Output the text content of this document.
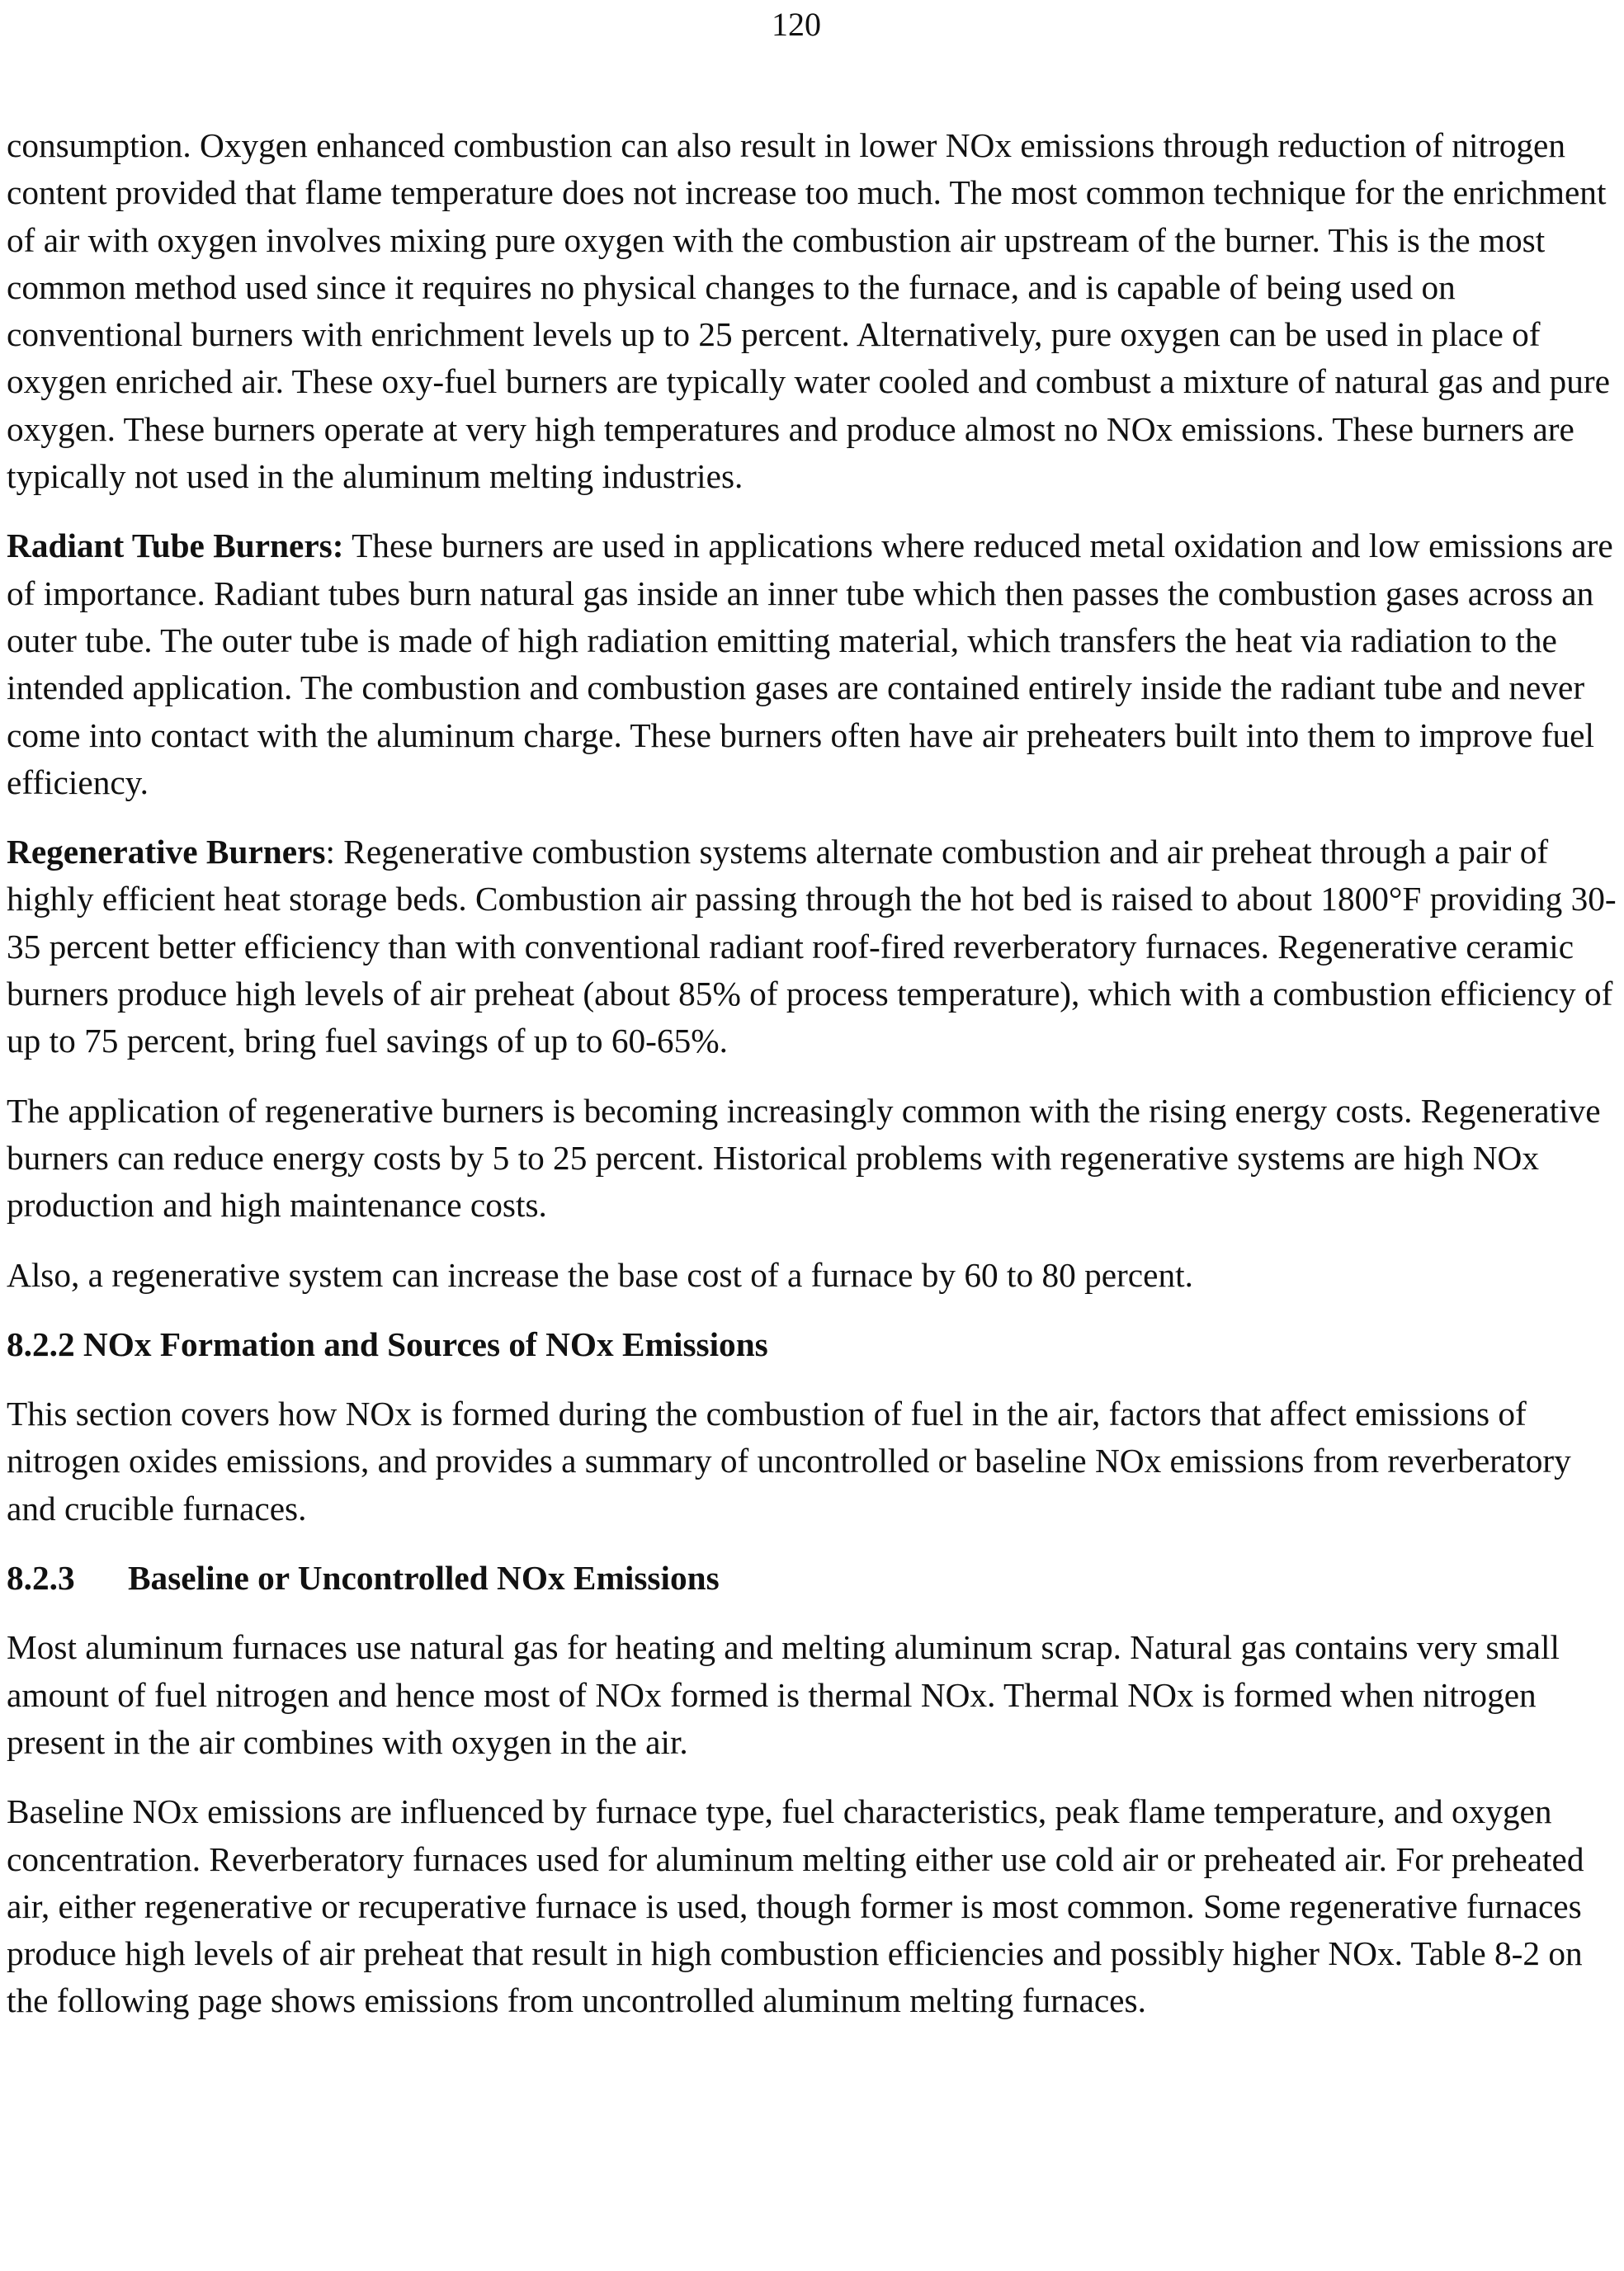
120

consumption. Oxygen enhanced combustion can also result in lower NOx emissions through reduction of nitrogen content provided that flame temperature does not increase too much. The most common technique for the enrichment of air with oxygen involves mixing pure oxygen with the combustion air upstream of the burner. This is the most common method used since it requires no physical changes to the furnace, and is capable of being used on conventional burners with enrichment levels up to 25 percent. Alternatively, pure oxygen can be used in place of oxygen enriched air. These oxy-fuel burners are typically water cooled and combust a mixture of natural gas and pure oxygen. These burners operate at very high temperatures and produce almost no NOx emissions. These burners are typically not used in the aluminum melting industries.

Radiant Tube Burners: These burners are used in applications where reduced metal oxidation and low emissions are of importance. Radiant tubes burn natural gas inside an inner tube which then passes the combustion gases across an outer tube. The outer tube is made of high radiation emitting material, which transfers the heat via radiation to the intended application. The combustion and combustion gases are contained entirely inside the radiant tube and never come into contact with the aluminum charge. These burners often have air preheaters built into them to improve fuel efficiency.

Regenerative Burners: Regenerative combustion systems alternate combustion and air preheat through a pair of highly efficient heat storage beds. Combustion air passing through the hot bed is raised to about 1800°F providing 30-35 percent better efficiency than with conventional radiant roof-fired reverberatory furnaces. Regenerative ceramic burners produce high levels of air preheat (about 85% of process temperature), which with a combustion efficiency of up to 75 percent, bring fuel savings of up to 60-65%.

The application of regenerative burners is becoming increasingly common with the rising energy costs. Regenerative burners can reduce energy costs by 5 to 25 percent. Historical problems with regenerative systems are high NOx production and high maintenance costs.

Also, a regenerative system can increase the base cost of a furnace by 60 to 80 percent.

8.2.2 NOx Formation and Sources of NOx Emissions

This section covers how NOx is formed during the combustion of fuel in the air, factors that affect emissions of nitrogen oxides emissions, and provides a summary of uncontrolled or baseline NOx emissions from reverberatory and crucible furnaces.

8.2.3 Baseline or Uncontrolled NOx Emissions

Most aluminum furnaces use natural gas for heating and melting aluminum scrap. Natural gas contains very small amount of fuel nitrogen and hence most of NOx formed is thermal NOx. Thermal NOx is formed when nitrogen present in the air combines with oxygen in the air.

Baseline NOx emissions are influenced by furnace type, fuel characteristics, peak flame temperature, and oxygen concentration. Reverberatory furnaces used for aluminum melting either use cold air or preheated air. For preheated air, either regenerative or recuperative furnace is used, though former is most common. Some regenerative furnaces produce high levels of air preheat that result in high combustion efficiencies and possibly higher NOx. Table 8-2 on the following page shows emissions from uncontrolled aluminum melting furnaces.
